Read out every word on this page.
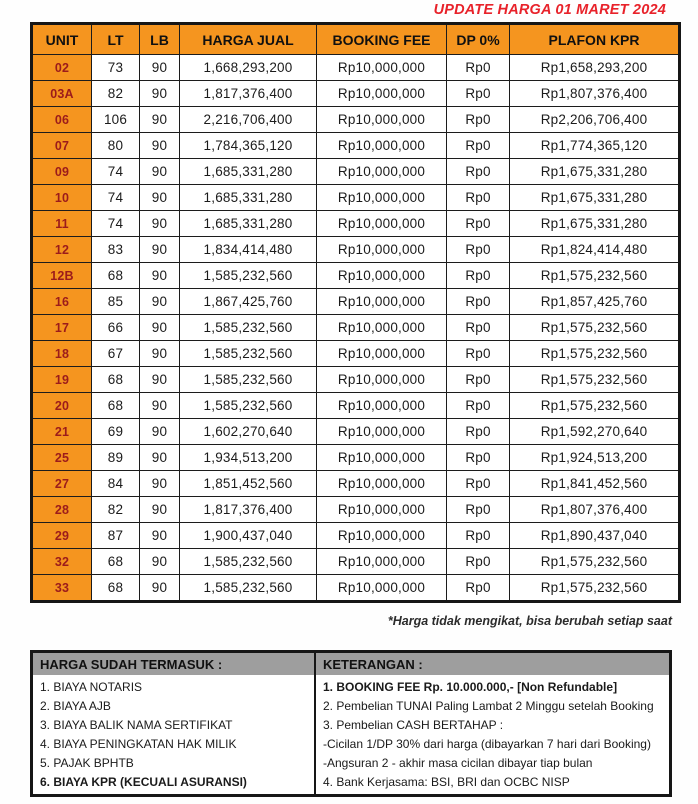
UPDATE HARGA 01 MARET 2024
UNIT	LT	LB	HARGA JUAL	BOOKING FEE	DP 0%	PLAFON KPR
02	73	90	1,668,293,200	Rp10,000,000	Rp0	Rp1,658,293,200
03A	82	90	1,817,376,400	Rp10,000,000	Rp0	Rp1,807,376,400
06	106	90	2,216,706,400	Rp10,000,000	Rp0	Rp2,206,706,400
07	80	90	1,784,365,120	Rp10,000,000	Rp0	Rp1,774,365,120
09	74	90	1,685,331,280	Rp10,000,000	Rp0	Rp1,675,331,280
10	74	90	1,685,331,280	Rp10,000,000	Rp0	Rp1,675,331,280
11	74	90	1,685,331,280	Rp10,000,000	Rp0	Rp1,675,331,280
12	83	90	1,834,414,480	Rp10,000,000	Rp0	Rp1,824,414,480
12B	68	90	1,585,232,560	Rp10,000,000	Rp0	Rp1,575,232,560
16	85	90	1,867,425,760	Rp10,000,000	Rp0	Rp1,857,425,760
17	66	90	1,585,232,560	Rp10,000,000	Rp0	Rp1,575,232,560
18	67	90	1,585,232,560	Rp10,000,000	Rp0	Rp1,575,232,560
19	68	90	1,585,232,560	Rp10,000,000	Rp0	Rp1,575,232,560
20	68	90	1,585,232,560	Rp10,000,000	Rp0	Rp1,575,232,560
21	69	90	1,602,270,640	Rp10,000,000	Rp0	Rp1,592,270,640
25	89	90	1,934,513,200	Rp10,000,000	Rp0	Rp1,924,513,200
27	84	90	1,851,452,560	Rp10,000,000	Rp0	Rp1,841,452,560
28	82	90	1,817,376,400	Rp10,000,000	Rp0	Rp1,807,376,400
29	87	90	1,900,437,040	Rp10,000,000	Rp0	Rp1,890,437,040
32	68	90	1,585,232,560	Rp10,000,000	Rp0	Rp1,575,232,560
33	68	90	1,585,232,560	Rp10,000,000	Rp0	Rp1,575,232,560
*Harga tidak mengikat, bisa berubah setiap saat
HARGA SUDAH TERMASUK :
1. BIAYA NOTARIS
2. BIAYA AJB
3. BIAYA BALIK NAMA SERTIFIKAT
4. BIAYA PENINGKATAN HAK MILIK
5. PAJAK BPHTB
6. BIAYA KPR (KECUALI ASURANSI)
KETERANGAN :
1. BOOKING FEE Rp. 10.000.000,- [Non Refundable]
2. Pembelian TUNAI Paling Lambat 2 Minggu setelah Booking
3. Pembelian CASH BERTAHAP :
-Cicilan 1/DP 30% dari harga (dibayarkan 7 hari dari Booking)
-Angsuran 2 - akhir masa cicilan dibayar tiap bulan
4. Bank Kerjasama: BSI, BRI dan OCBC NISP
